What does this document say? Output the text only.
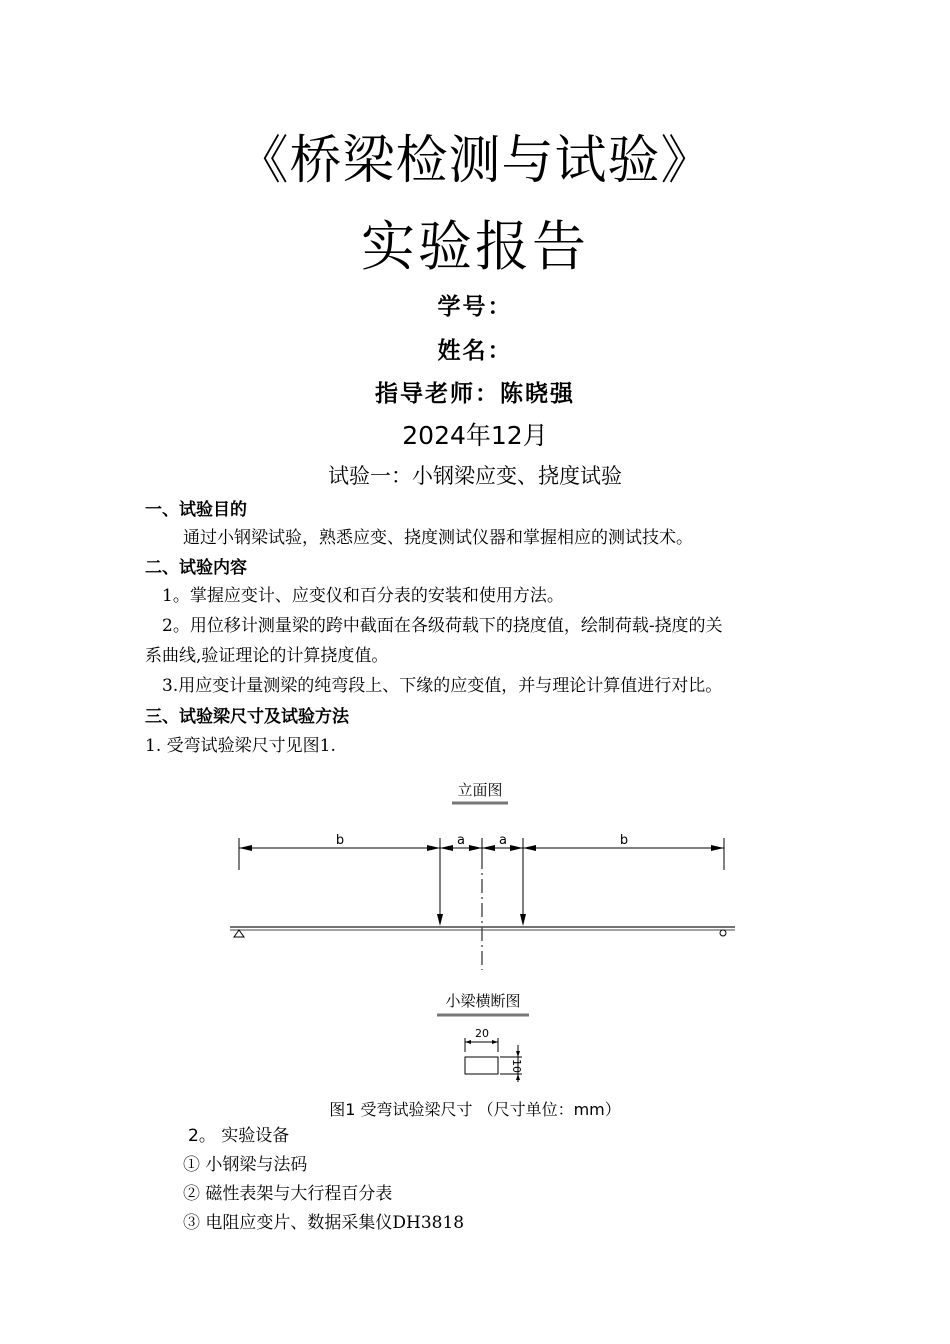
《桥梁检测与试验》
实验报告
学号：
姓名：
指导老师：陈晓强
2024年12月
试验一：小钢梁应变、挠度试验
一、试验目的
通过小钢梁试验，熟悉应变、挠度测试仪器和掌握相应的测试技术。
二、试验内容
1。掌握应变计、应变仪和百分表的安装和使用方法。
2。用位移计测量梁的跨中截面在各级荷载下的挠度值，绘制荷载-挠度的关
系曲线,验证理论的计算挠度值。
3.用应变计量测梁的纯弯段上、下缘的应变值，并与理论计算值进行对比。
三、试验梁尺寸及试验方法
1. 受弯试验梁尺寸见图1.
立面图
b	a	a	b
小梁横断图
20
10
图1 受弯试验梁尺寸 （尺寸单位：mm）
2。 实验设备
① 小钢梁与法码
② 磁性表架与大行程百分表
③ 电阻应变片、数据采集仪DH3818
